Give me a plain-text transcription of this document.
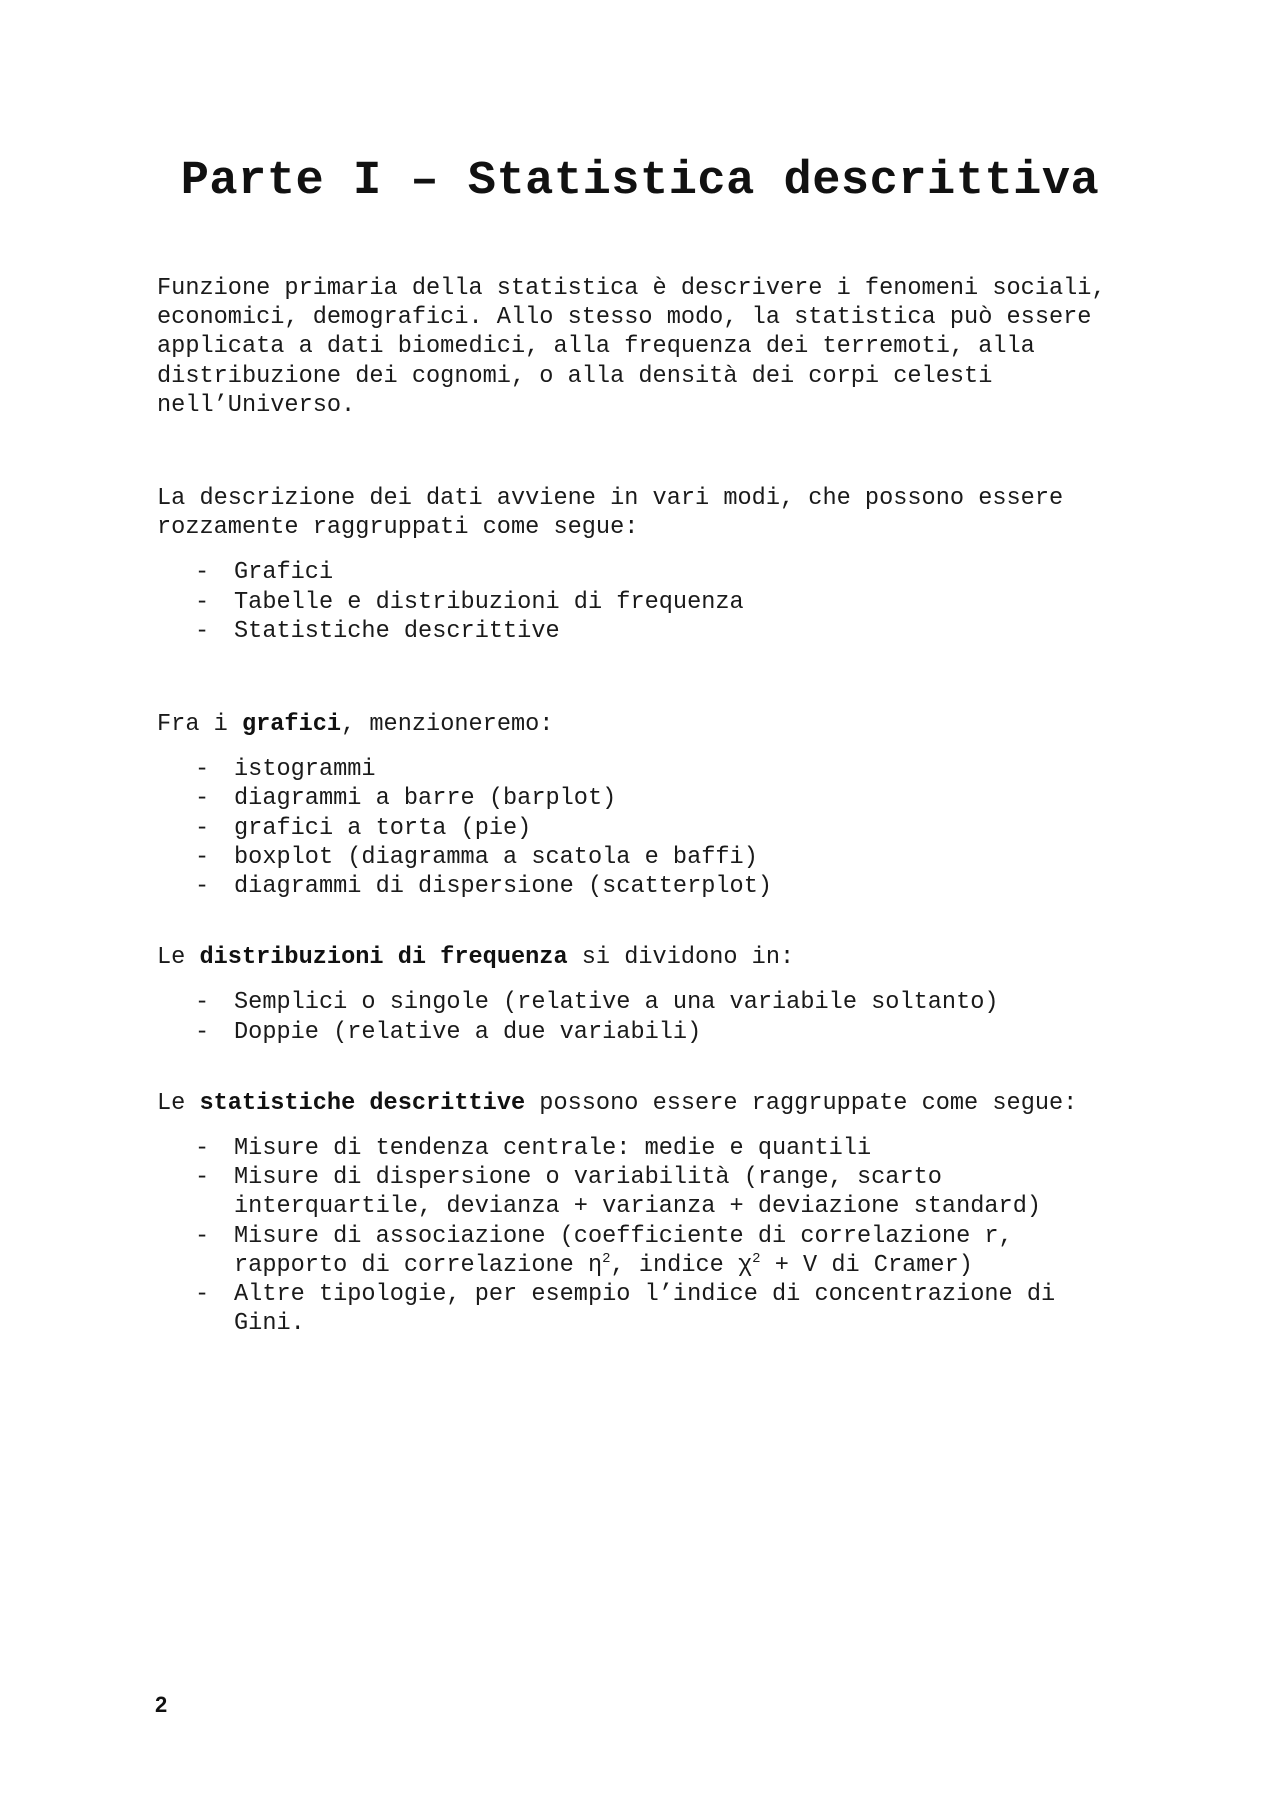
Parte I – Statistica descrittiva

Funzione primaria della statistica è descrivere i fenomeni sociali,
economici, demografici. Allo stesso modo, la statistica può essere
applicata a dati biomedici, alla frequenza dei terremoti, alla
distribuzione dei cognomi, o alla densità dei corpi celesti
nell’Universo.

La descrizione dei dati avviene in vari modi, che possono essere
rozzamente raggruppati come segue:

- Grafici
- Tabelle e distribuzioni di frequenza
- Statistiche descrittive

Fra i grafici, menzioneremo:

- istogrammi
- diagrammi a barre (barplot)
- grafici a torta (pie)
- boxplot (diagramma a scatola e baffi)
- diagrammi di dispersione (scatterplot)

Le distribuzioni di frequenza si dividono in:

- Semplici o singole (relative a una variabile soltanto)
- Doppie (relative a due variabili)

Le statistiche descrittive possono essere raggruppate come segue:

- Misure di tendenza centrale: medie e quantili
- Misure di dispersione o variabilità (range, scarto
interquartile, devianza + varianza + deviazione standard)
- Misure di associazione (coefficiente di correlazione r,
rapporto di correlazione $\eta^2$, indice $\chi^2 + V$ di Cramer)
- Altre tipologie, per esempio l’indice di concentrazione di
Gini.
2
